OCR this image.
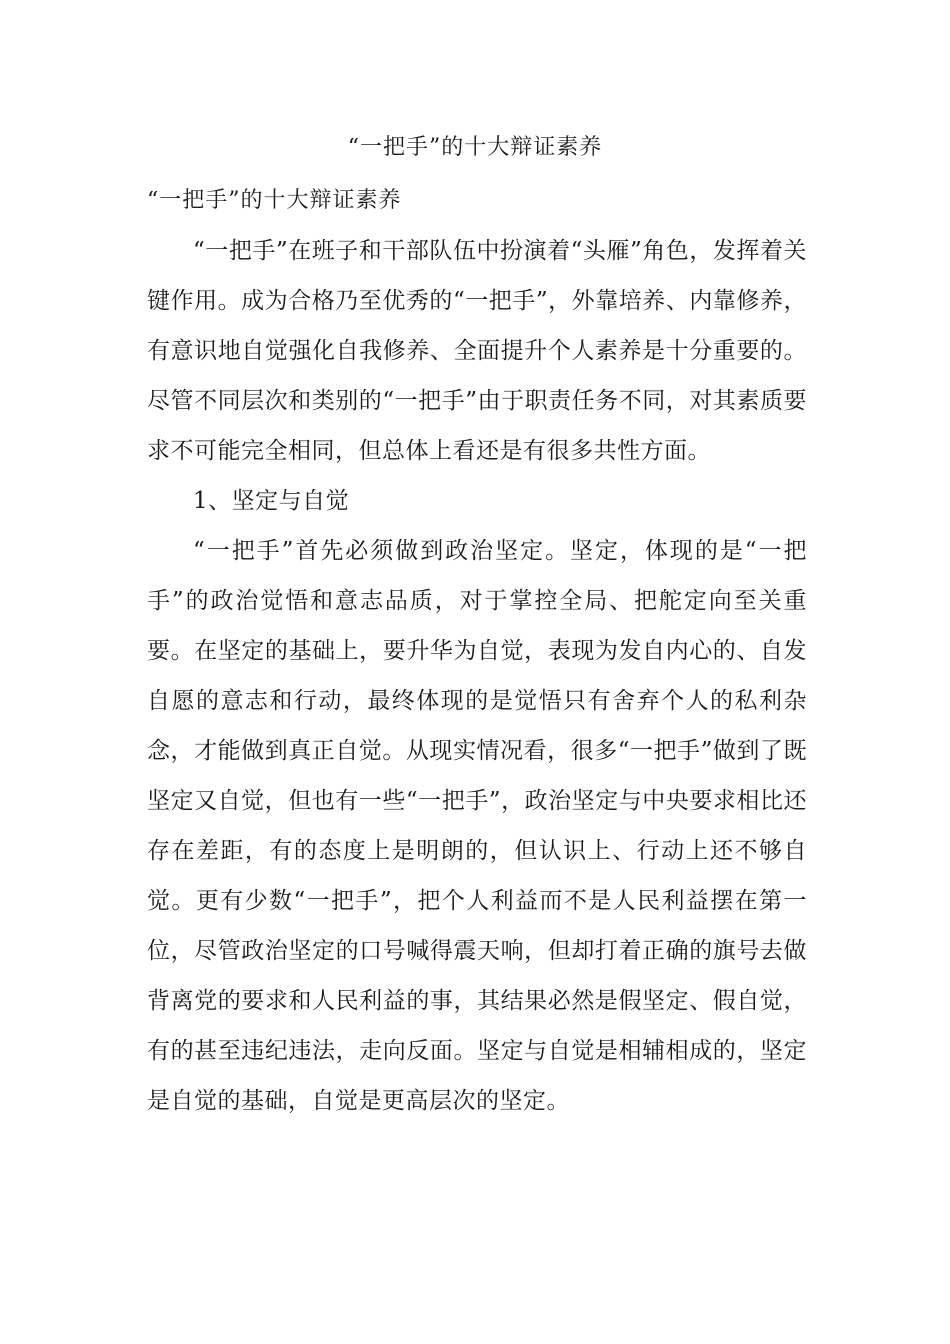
“一把手”的十大辩证素养

“一把手”的十大辩证素养

“一把手”在班子和干部队伍中扮演着“头雁”角色，发挥着关键作用。成为合格乃至优秀的“一把手”，外靠培养、内靠修养，有意识地自觉强化自我修养、全面提升个人素养是十分重要的。尽管不同层次和类别的“一把手”由于职责任务不同，对其素质要求不可能完全相同，但总体上看还是有很多共性方面。

1、坚定与自觉

“一把手”首先必须做到政治坚定。坚定，体现的是“一把手”的政治觉悟和意志品质，对于掌控全局、把舵定向至关重要。在坚定的基础上，要升华为自觉，表现为发自内心的、自发自愿的意志和行动，最终体现的是觉悟只有舍弃个人的私利杂念，才能做到真正自觉。从现实情况看，很多“一把手”做到了既坚定又自觉，但也有一些“一把手”，政治坚定与中央要求相比还存在差距，有的态度上是明朗的，但认识上、行动上还不够自觉。更有少数“一把手”，把个人利益而不是人民利益摆在第一位，尽管政治坚定的口号喊得震天响，但却打着正确的旗号去做背离党的要求和人民利益的事，其结果必然是假坚定、假自觉，有的甚至违纪违法，走向反面。坚定与自觉是相辅相成的，坚定是自觉的基础，自觉是更高层次的坚定。
